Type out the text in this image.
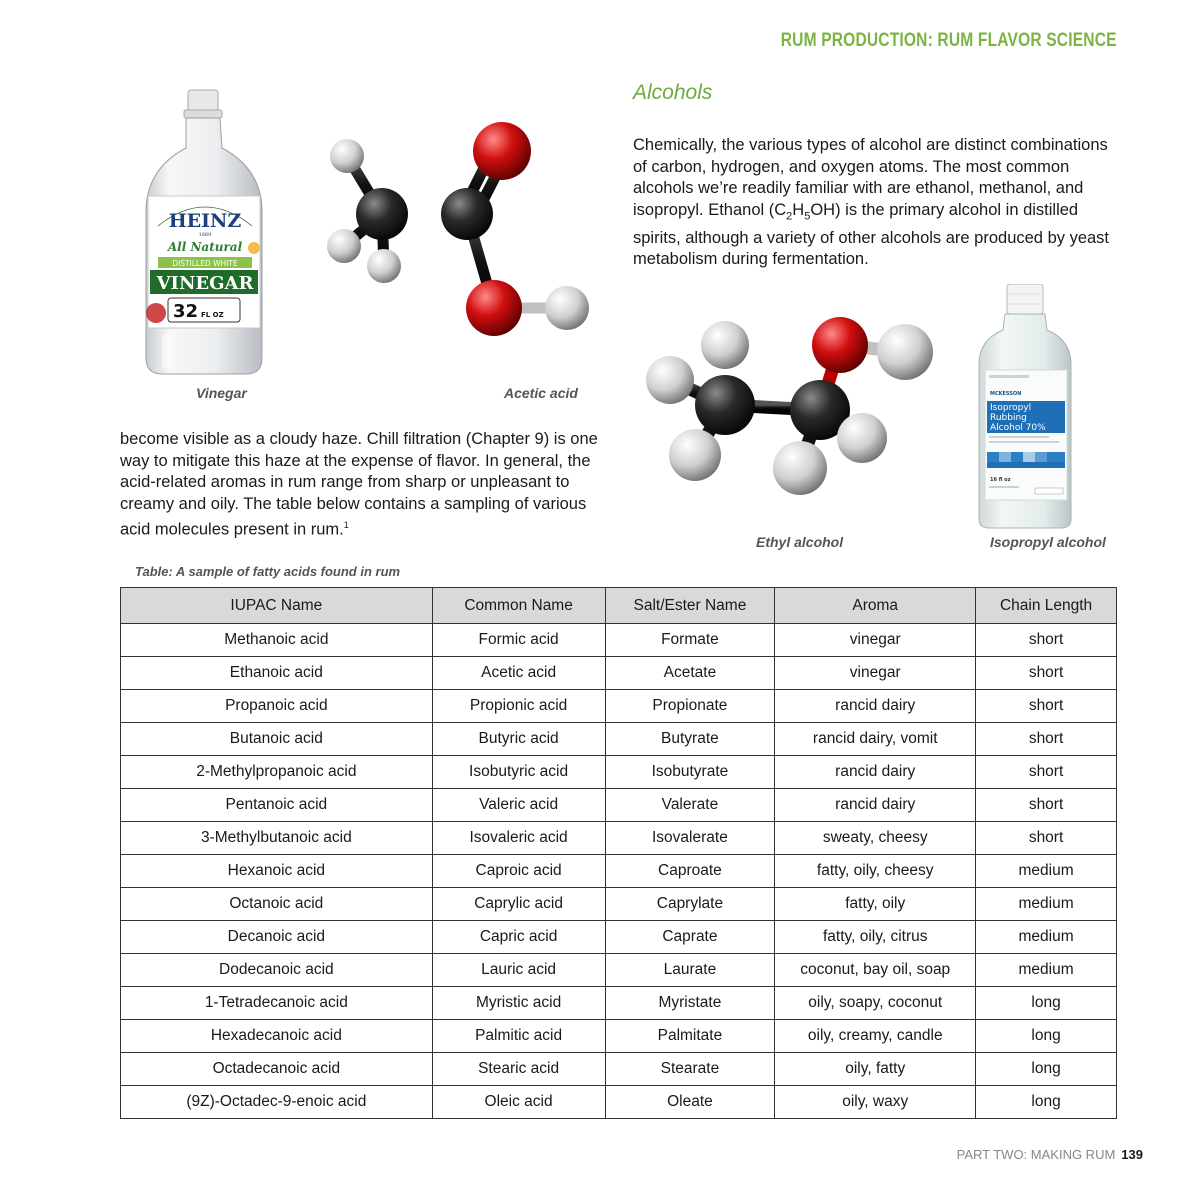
RUM PRODUCTION: RUM FLAVOR SCIENCE
HEINZ
1869
All Natural
DISTILLED WHITE
VINEGAR
32 FL OZ
Vinegar	Acetic acid
Alcohols
Chemically, the various types of alcohol are distinct combinations of carbon, hydrogen, and oxygen atoms. The most common alcohols we’re readily familiar with are ethanol, methanol, and isopropyl. Ethanol $(C_2H_5OH)$ is the primary alcohol in distilled spirits, although a variety of other alcohols are produced by yeast metabolism during fermentation.
Ethyl alcohol
MCKESSON
Isopropyl
Rubbing
Alcohol 70%
16 fl oz
Isopropyl alcohol
become visible as a cloudy haze. Chill filtration (Chapter 9) is one way to mitigate this haze at the expense of flavor. In general, the acid-related aromas in rum range from sharp or unpleasant to creamy and oily. The table below contains a sampling of various acid molecules present in rum.$^1$
Table: A sample of fatty acids found in rum
IUPAC Name	Common Name	Salt/Ester Name	Aroma	Chain Length
Methanoic acid	Formic acid	Formate	vinegar	short
Ethanoic acid	Acetic acid	Acetate	vinegar	short
Propanoic acid	Propionic acid	Propionate	rancid dairy	short
Butanoic acid	Butyric acid	Butyrate	rancid dairy, vomit	short
2-Methylpropanoic acid	Isobutyric acid	Isobutyrate	rancid dairy	short
Pentanoic acid	Valeric acid	Valerate	rancid dairy	short
3-Methylbutanoic acid	Isovaleric acid	Isovalerate	sweaty, cheesy	short
Hexanoic acid	Caproic acid	Caproate	fatty, oily, cheesy	medium
Octanoic acid	Caprylic acid	Caprylate	fatty, oily	medium
Decanoic acid	Capric acid	Caprate	fatty, oily, citrus	medium
Dodecanoic acid	Lauric acid	Laurate	coconut, bay oil, soap	medium
1-Tetradecanoic acid	Myristic acid	Myristate	oily, soapy, coconut	long
Hexadecanoic acid	Palmitic acid	Palmitate	oily, creamy, candle	long
Octadecanoic acid	Stearic acid	Stearate	oily, fatty	long
(9Z)-Octadec-9-enoic acid	Oleic acid	Oleate	oily, waxy	long
PART TWO: MAKING RUM 139
